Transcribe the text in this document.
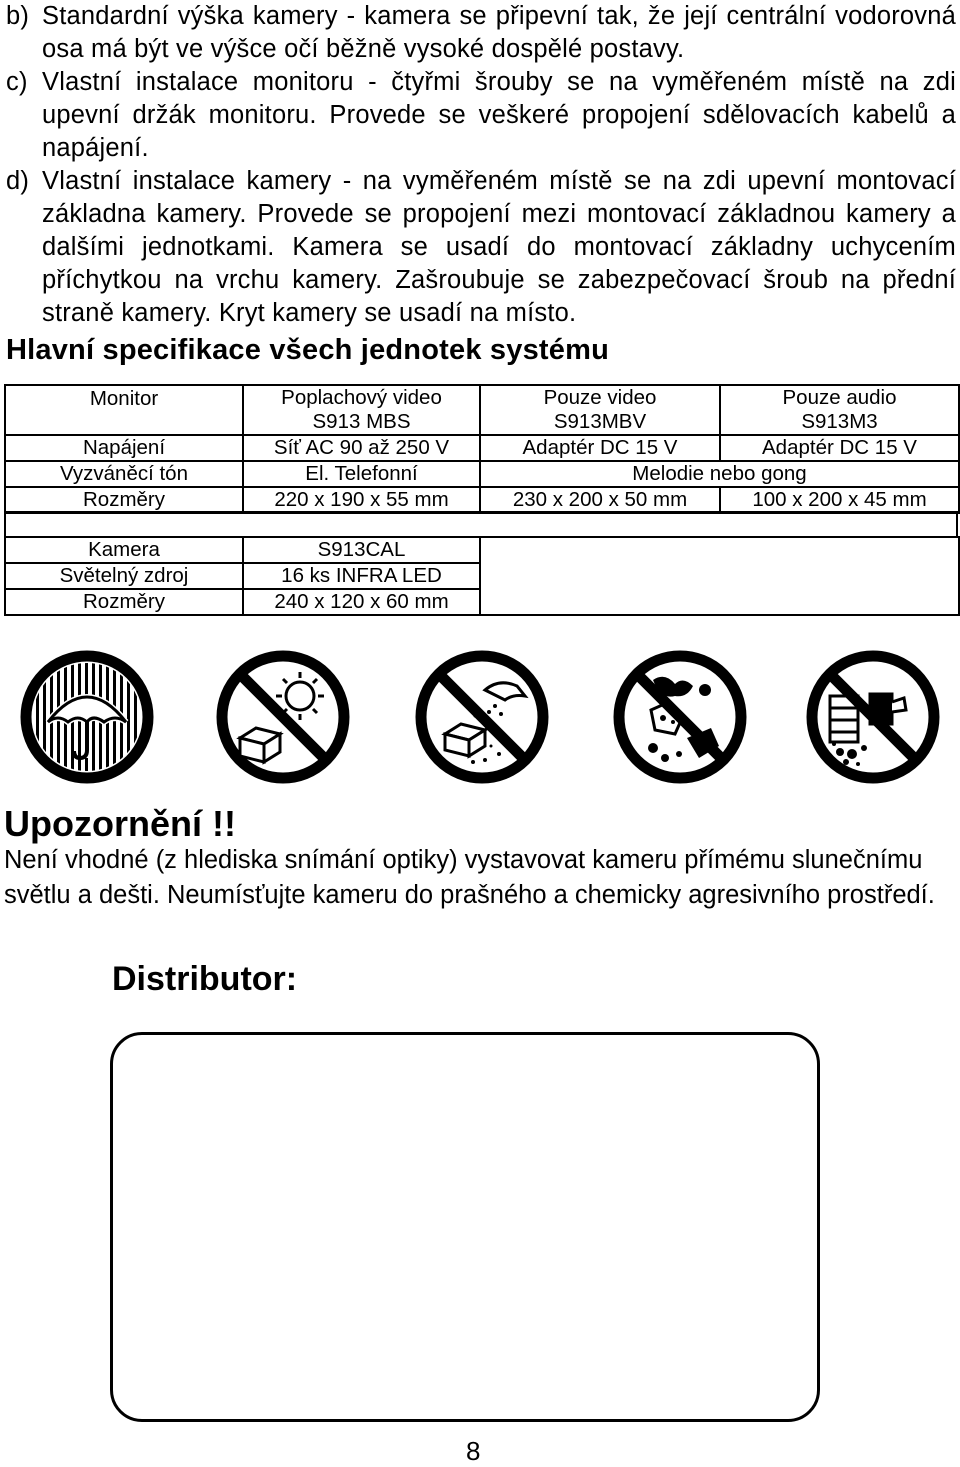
b) Standardní výška kamery - kamera se připevní tak, že její centrální vodorovná osa má být ve výšce očí běžně vysoké dospělé postavy.
c) Vlastní instalace monitoru - čtyřmi šrouby se na vyměřeném místě na zdi upevní držák monitoru. Provede se veškeré propojení sdělovacích kabelů a napájení.
d) Vlastní instalace kamery - na vyměřeném místě se na zdi upevní montovací základna kamery. Provede se propojení mezi montovací základnou kamery a dalšími jednotkami. Kamera se usadí do montovací základny uchycením příchytkou na vrchu kamery. Zašroubuje se zabezpečovací šroub na přední straně kamery. Kryt kamery se usadí na místo.
Hlavní specifikace všech jednotek systému
Monitor	Poplachový video S913 MBS	Pouze video S913MBV	Pouze audio S913M3
Napájení	Síť AC 90 až 250 V	Adaptér DC 15 V	Adaptér DC 15 V
Vyzváněcí tón	El. Telefonní	Melodie nebo gong	
Rozměry	220 x 190 x 55 mm	230 x 200 x 50 mm	100 x 200 x 45 mm
Kamera	S913CAL	
Světelný zdroj	16 ks INFRA LED	
Rozměry	240 x 120 x 60 mm	
Upozornění !!
Není vhodné (z hlediska snímání optiky) vystavovat kameru přímému slunečnímu světlu a dešti. Neumísťujte kameru do prašného a chemicky agresivního prostředí.
Distributor:
8
